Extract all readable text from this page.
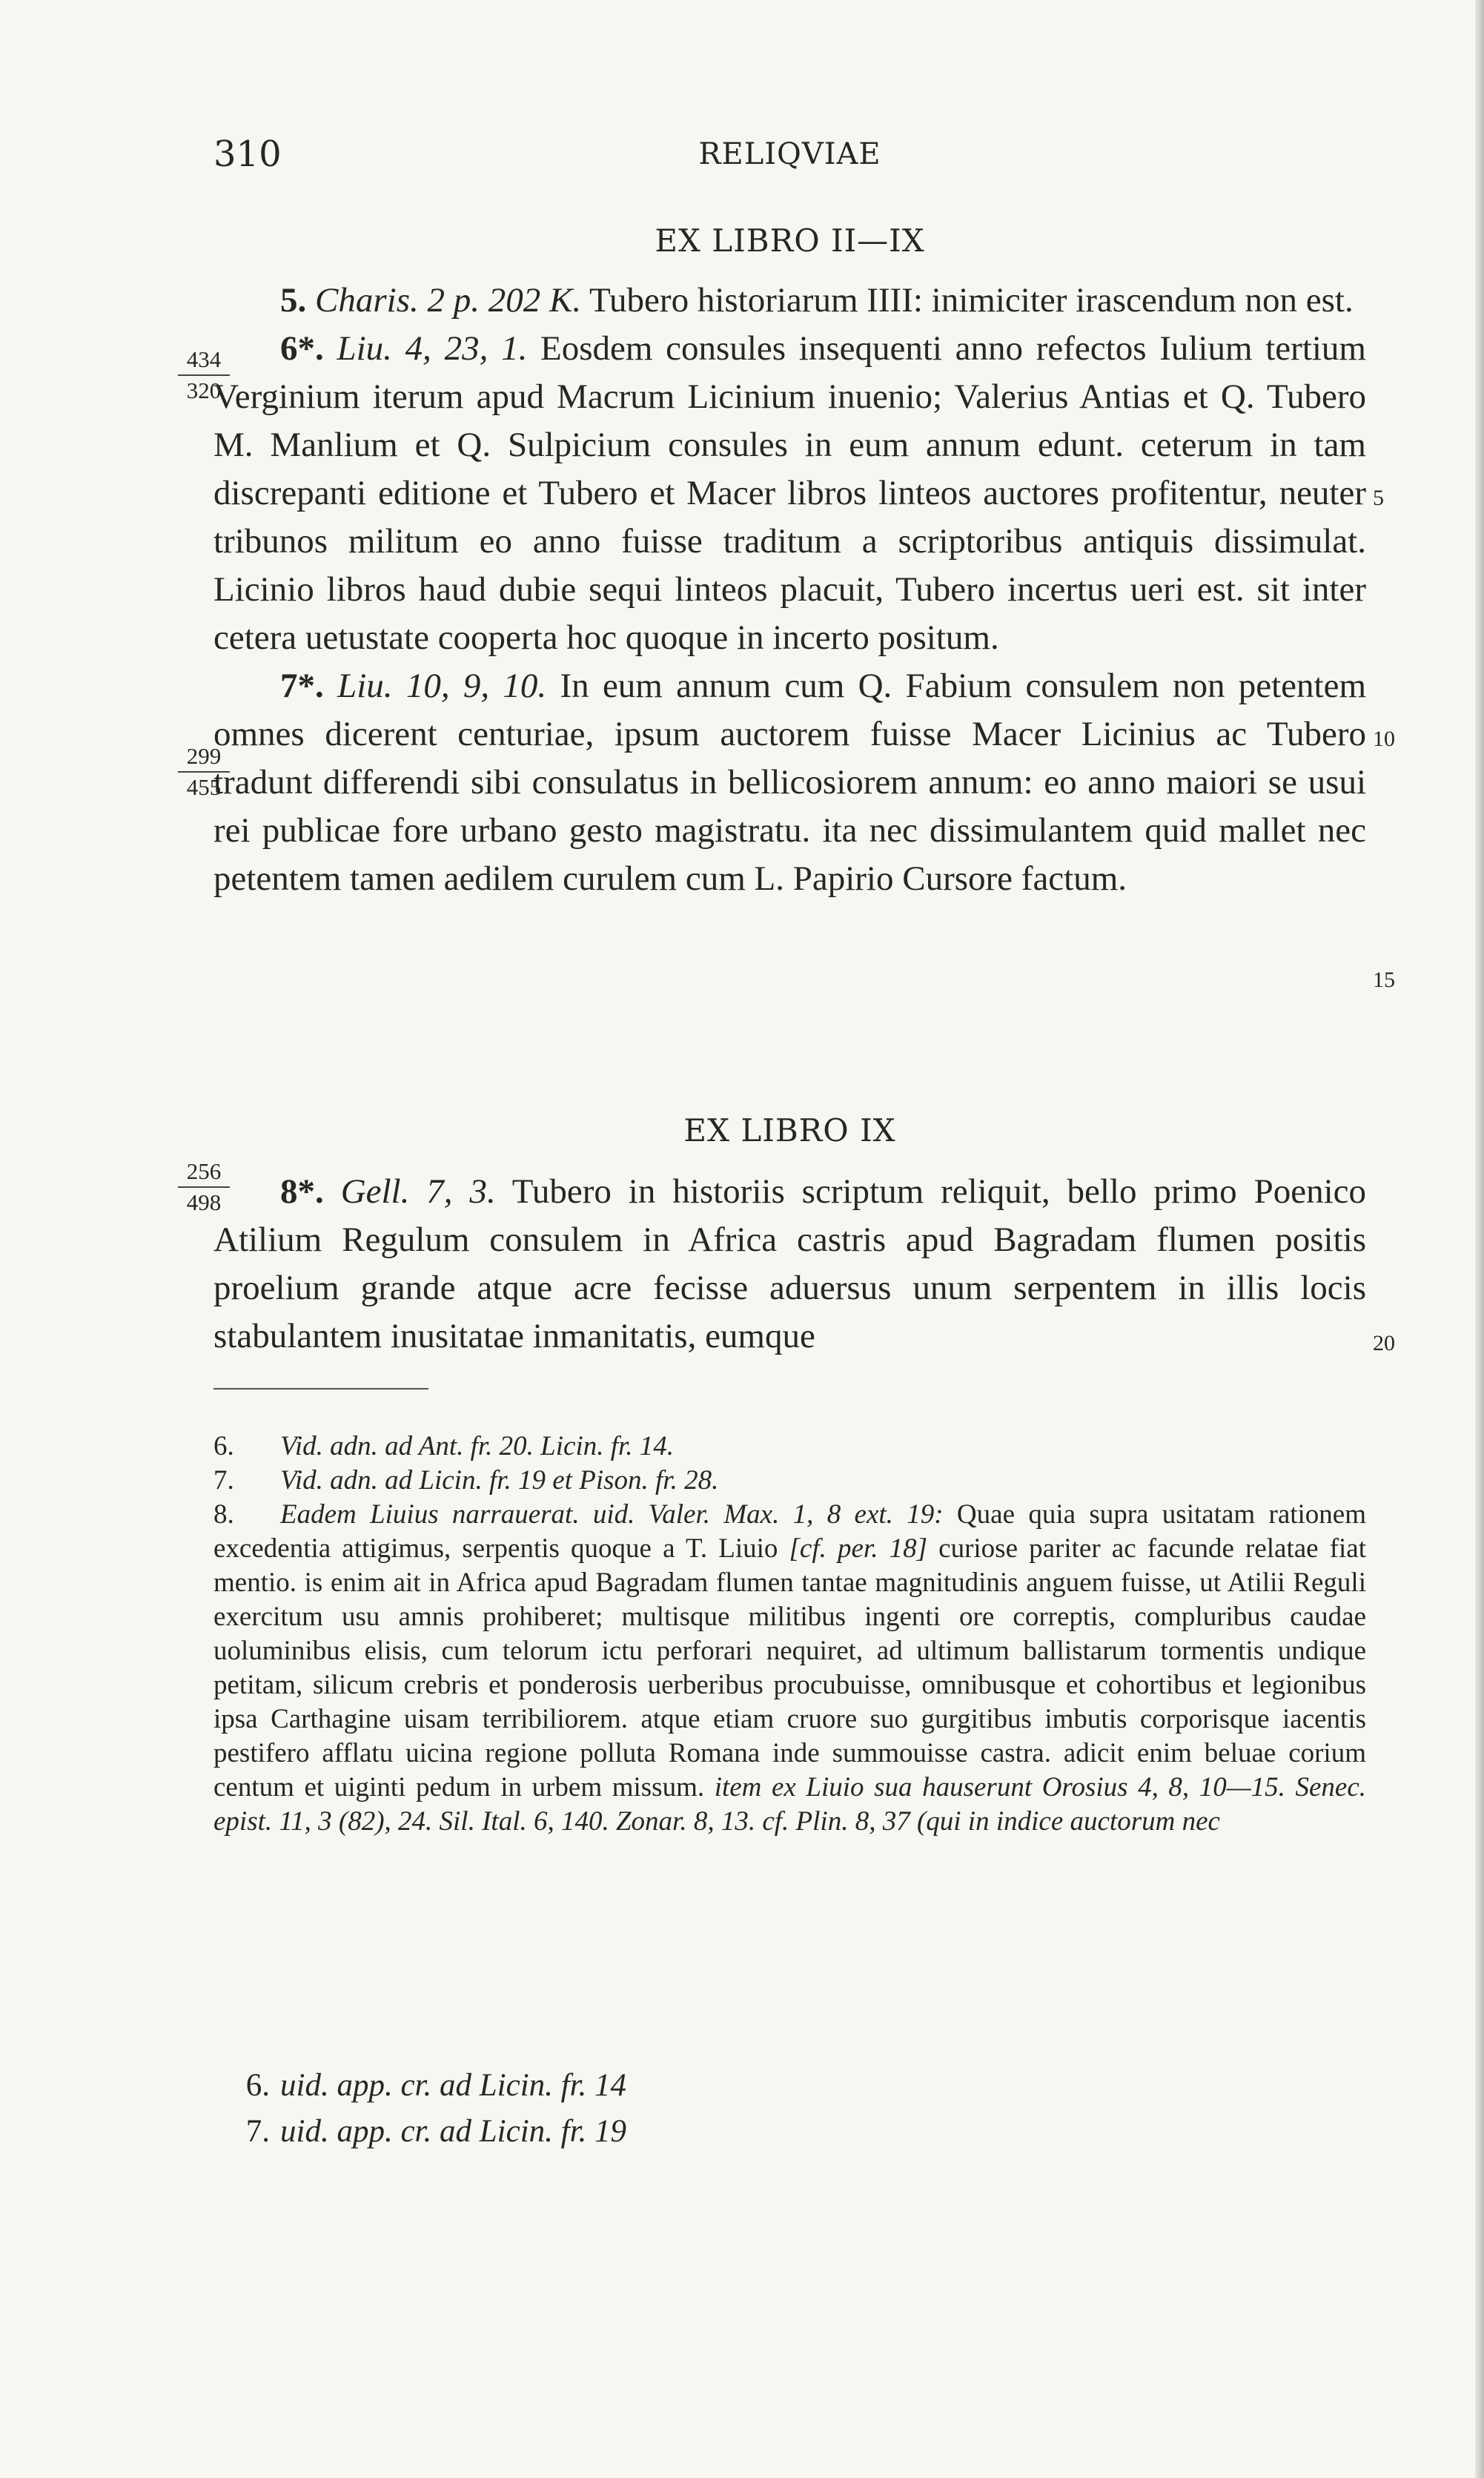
310	RELIQVIAE
EX LIBRO II—IX
434
320
299
455
5. Charis. 2 p. 202 K. Tubero historiarum IIII: inimiciter irascendum non est.
6*. Liu. 4, 23, 1. Eosdem consules insequenti anno refectos Iulium tertium Verginium iterum apud Macrum Licinium inuenio; Valerius Antias et Q. Tubero M. Manlium et Q. Sulpicium consules in eum annum edunt. ceterum in tam discrepanti editione et Tubero et Macer libros linteos auctores profitentur, neuter tribunos militum eo anno fuisse traditum a scriptoribus antiquis dissimulat. Licinio libros haud dubie sequi linteos placuit, Tubero incertus ueri est. sit inter cetera uetustate cooperta hoc quoque in incerto positum.
7*. Liu. 10, 9, 10. In eum annum cum Q. Fabium consulem non petentem omnes dicerent centuriae, ipsum auctorem fuisse Macer Licinius ac Tubero tradunt differendi sibi consulatus in bellicosiorem annum: eo anno maiori se usui rei publicae fore urbano gesto magistratu. ita nec dissimulantem quid mallet nec petentem tamen aedilem curulem cum L. Papirio Cursore factum.
5
10
15
EX LIBRO IX
256
498	8*. Gell. 7, 3. Tubero in historiis scriptum reliquit, bello primo Poenico Atilium Regulum consulem in Africa castris apud Bagradam flumen positis proelium grande atque acre fecisse aduersus unum serpentem in illis locis stabulantem inusitatae inmanitatis, eumque	20

6. Vid. adn. ad Ant. fr. 20. Licin. fr. 14.

7. Vid. adn. ad Licin. fr. 19 et Pison. fr. 28.

8. Eadem Liuius narrauerat. uid. Valer. Max. 1, 8 ext. 19: Quae quia supra usitatam rationem excedentia attigimus, serpentis quoque a T. Liuio [cf. per. 18] curiose pariter ac facunde relatae fiat mentio. is enim ait in Africa apud Bagradam flumen tantae magnitudinis anguem fuisse, ut Atilii Reguli exercitum usu amnis prohiberet; multisque militibus ingenti ore correptis, compluribus caudae uoluminibus elisis, cum telorum ictu perforari nequiret, ad ultimum ballistarum tormentis undique petitam, silicum crebris et ponderosis uerberibus procubuisse, omnibusque et cohortibus et legionibus ipsa Carthagine uisam terribiliorem. atque etiam cruore suo gurgitibus imbutis corporisque iacentis pestifero afflatu uicina regione polluta Romana inde summouisse castra. adicit enim beluae corium centum et uiginti pedum in urbem missum. item ex Liuio sua hauserunt Orosius 4, 8, 10—15. Senec. epist. 11, 3 (82), 24. Sil. Ital. 6, 140. Zonar. 8, 13. cf. Plin. 8, 37 (qui in indice auctorum nec

6. uid. app. cr. ad Licin. fr. 14

7. uid. app. cr. ad Licin. fr. 19
